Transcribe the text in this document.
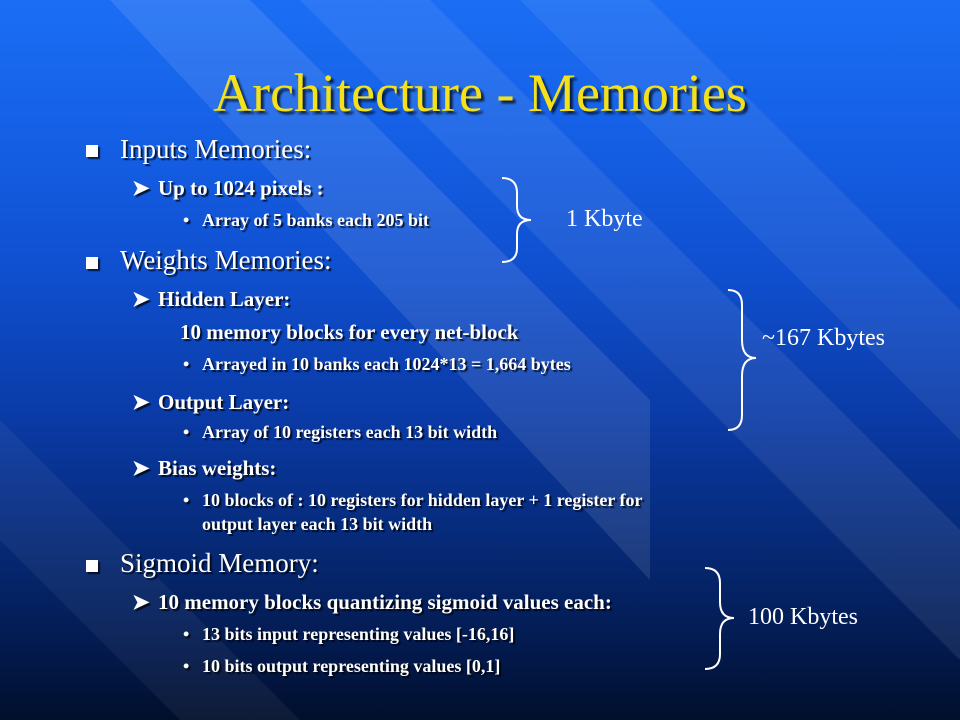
Architecture - Memories
Inputs Memories:
➤ Up to 1024 pixels :
• Array of 5 banks each 205 bit
Weights Memories:
➤ Hidden Layer:
10 memory blocks for every net-block
• Arrayed in 10 banks each 1024*13 = 1,664 bytes
➤ Output Layer:
• Array of 10 registers each 13 bit width
➤ Bias weights:
• 10 blocks of : 10 registers for hidden layer + 1 register for
output layer each 13 bit width
Sigmoid Memory:
➤ 10 memory blocks quantizing sigmoid values each:
• 13 bits input representing values [-16,16]
• 10 bits output representing values [0,1]
1 Kbyte
~167 Kbytes
100 Kbytes
